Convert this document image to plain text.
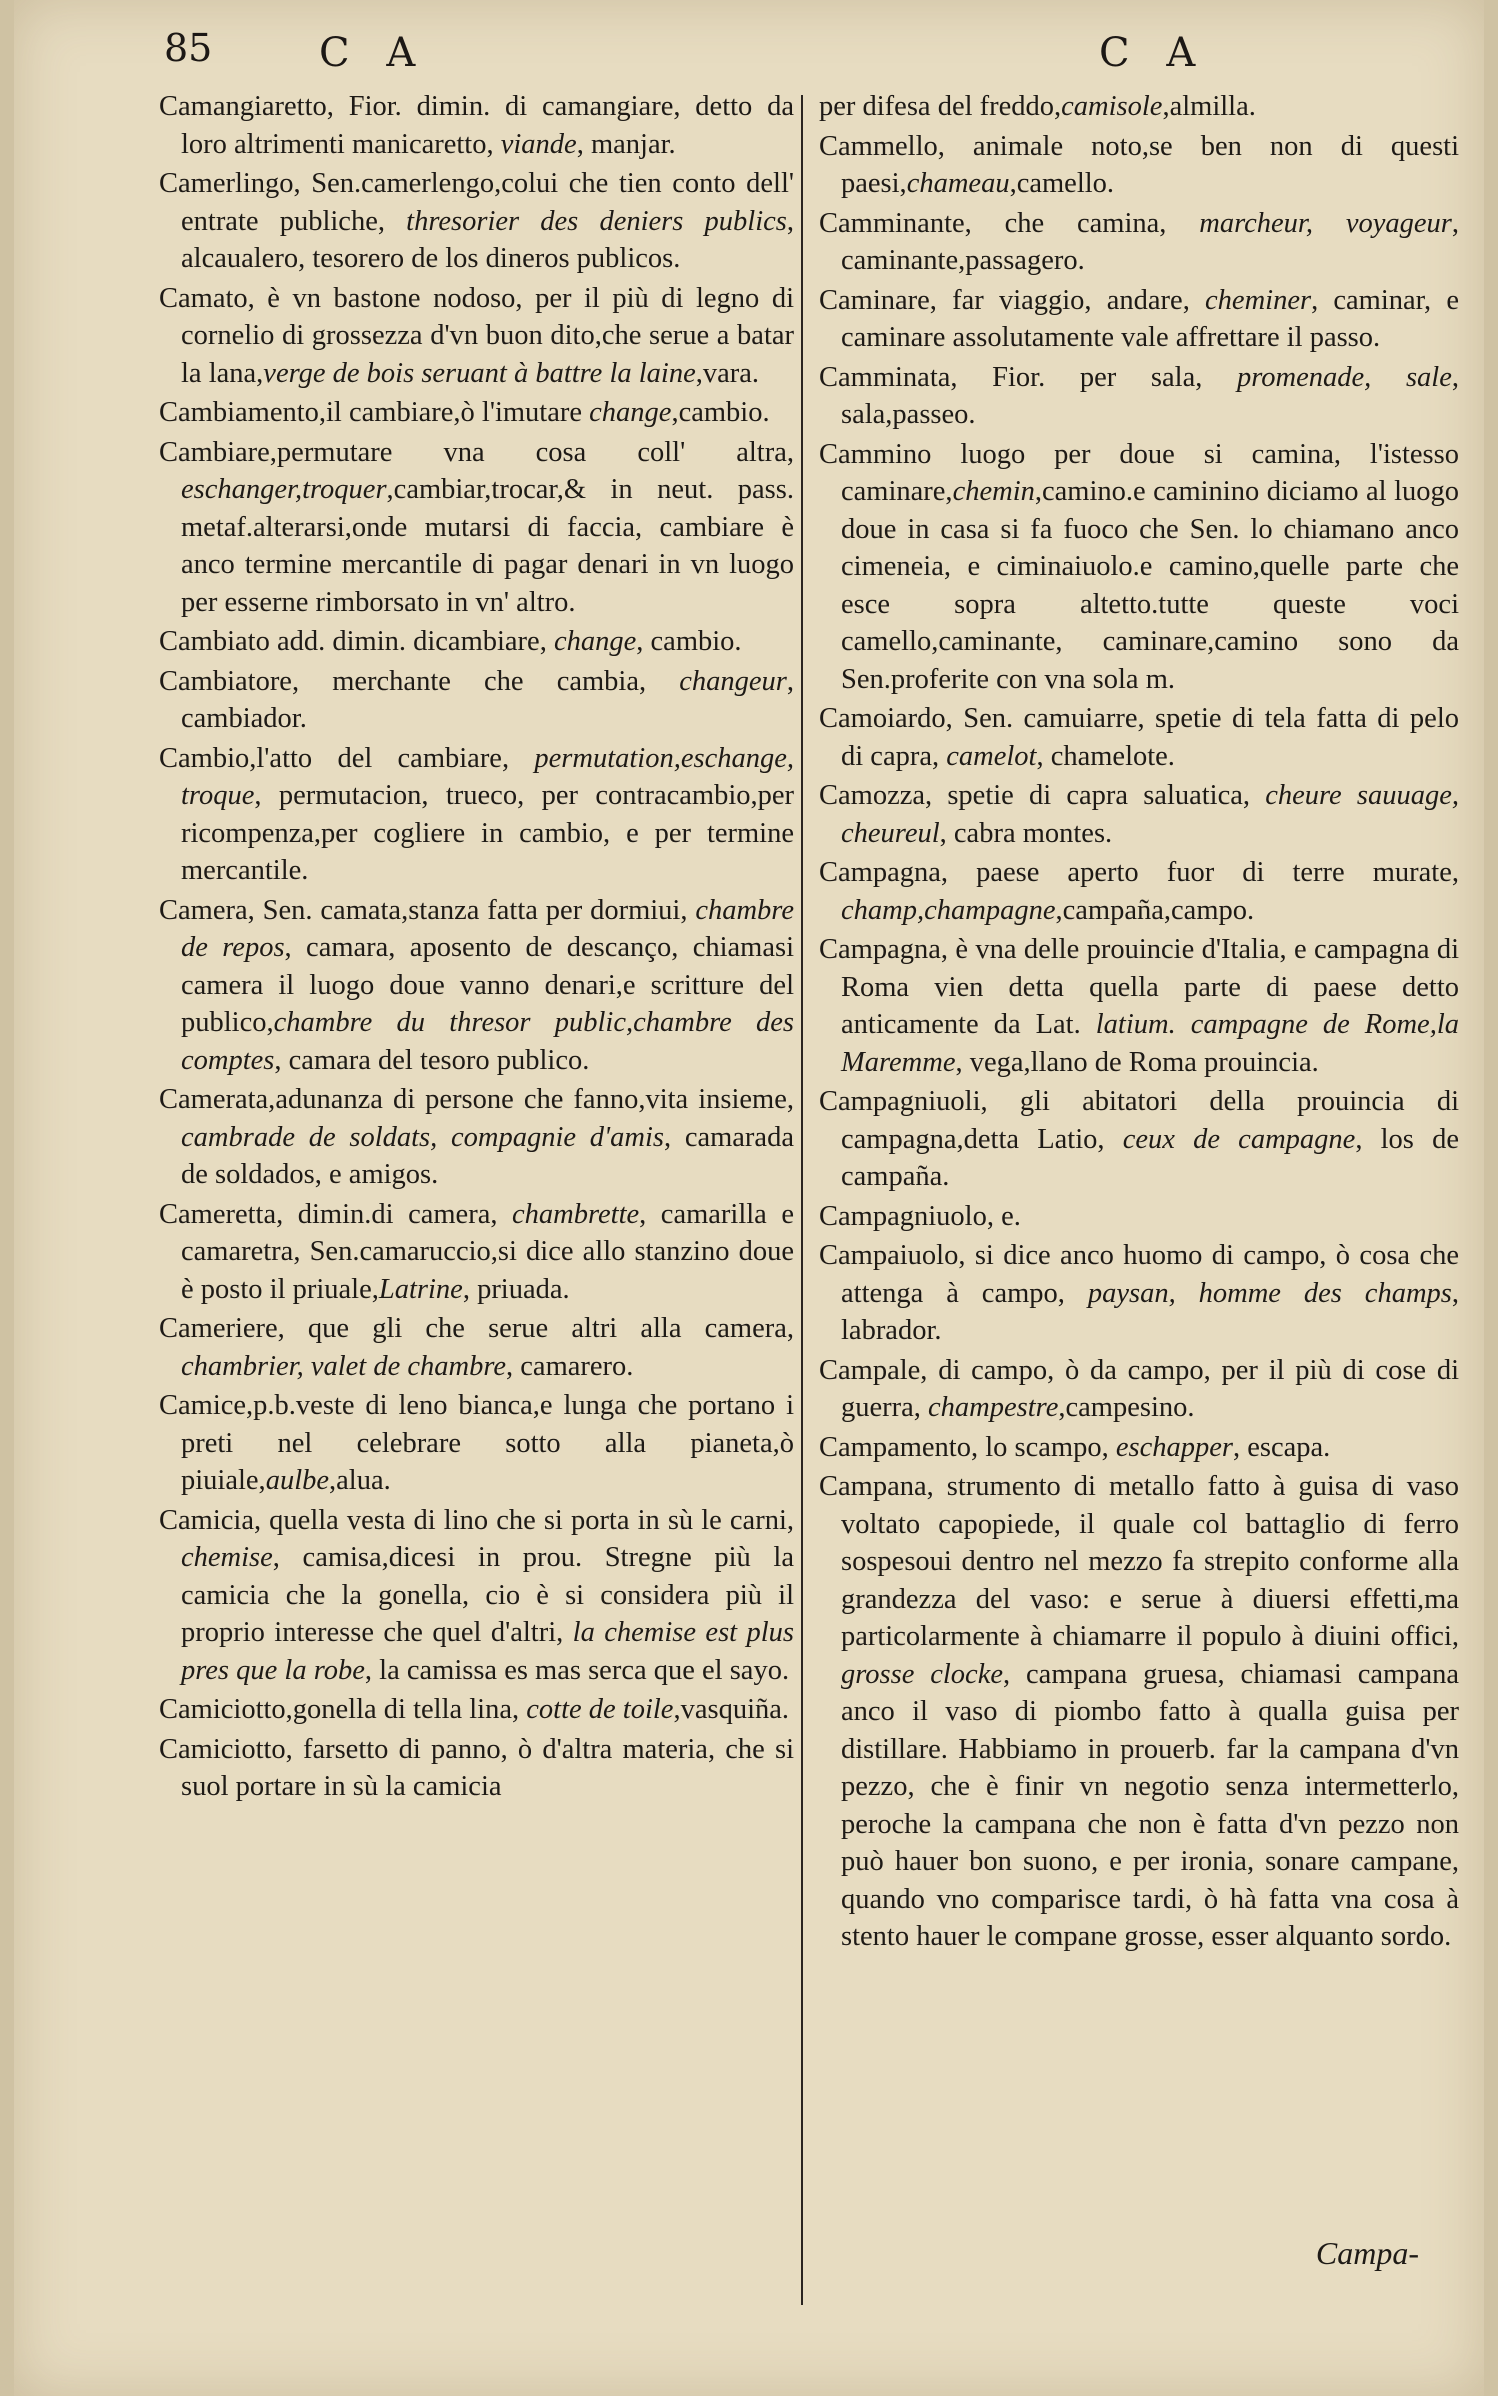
85	C A	C A
Camangiaretto, Fior. dimin. di camangiare, detto da loro altrimenti manicaretto, viande, manjar.
Camerlingo, Sen.camerlengo,colui che tien conto dell' entrate publiche, thresorier des deniers publics, alcaualero, tesorero de los dineros publicos.
Camato, è vn bastone nodoso, per il più di legno di cornelio di grossezza d'vn buon dito,che serue a batar la lana,verge de bois seruant à battre la laine,vara.
Cambiamento,il cambiare,ò l'imutare change,cambio.
Cambiare,permutare vna cosa coll' altra, eschanger,troquer,cambiar,trocar,& in neut. pass. metaf.alterarsi,onde mutarsi di faccia, cambiare è anco termine mercantile di pagar denari in vn luogo per esserne rimborsato in vn' altro.
Cambiato add. dimin. dicambiare, change, cambio.
Cambiatore, merchante che cambia, changeur, cambiador.
Cambio,l'atto del cambiare, permutation,eschange, troque, permutacion, trueco, per contracambio,per ricompenza,per cogliere in cambio, e per termine mercantile.
Camera, Sen. camata,stanza fatta per dormiui, chambre de repos, camara, aposento de descanço, chiamasi camera il luogo doue vanno denari,e scritture del publico,chambre du thresor public,chambre des comptes, camara del tesoro publico.
Camerata,adunanza di persone che fanno,vita insieme, cambrade de soldats, compagnie d'amis, camarada de soldados, e amigos.
Cameretta, dimin.di camera, chambrette, camarilla e camaretra, Sen.camaruccio,si dice allo stanzino doue è posto il priuale,Latrine, priuada.
Cameriere, que gli che serue altri alla camera, chambrier, valet de chambre, camarero.
Camice,p.b.veste di leno bianca,e lunga che portano i preti nel celebrare sotto alla pianeta,ò piuiale,aulbe,alua.
Camicia, quella vesta di lino che si porta in sù le carni, chemise, camisa,dicesi in prou. Stregne più la camicia che la gonella, cio è si considera più il proprio interesse che quel d'altri, la chemise est plus pres que la robe, la camissa es mas serca que el sayo.
Camiciotto,gonella di tella lina, cotte de toile,vasquiña.
Camiciotto, farsetto di panno, ò d'altra materia, che si suol portare in sù la camicia
per difesa del freddo,camisole,almilla.
Cammello, animale noto,se ben non di questi paesi,chameau,camello.
Camminante, che camina, marcheur, voyageur, caminante,passagero.
Caminare, far viaggio, andare, cheminer, caminar, e caminare assolutamente vale affrettare il passo.
Camminata, Fior. per sala, promenade, sale, sala,passeo.
Cammino luogo per doue si camina, l'istesso caminare,chemin,camino.e caminino diciamo al luogo doue in casa si fa fuoco che Sen. lo chiamano anco cimeneia, e ciminaiuolo.e camino,quelle parte che esce sopra altetto.tutte queste voci camello,caminante, caminare,camino sono da Sen.proferite con vna sola m.
Camoiardo, Sen. camuiarre, spetie di tela fatta di pelo di capra, camelot, chamelote.
Camozza, spetie di capra saluatica, cheure sauuage, cheureul, cabra montes.
Campagna, paese aperto fuor di terre murate, champ,champagne,campaña,campo.
Campagna, è vna delle prouincie d'Italia, e campagna di Roma vien detta quella parte di paese detto anticamente da Lat. latium. campagne de Rome,la Maremme, vega,llano de Roma prouincia.
Campagniuoli, gli abitatori della prouincia di campagna,detta Latio, ceux de campagne, los de campaña.
Campagniuolo, e.
Campaiuolo, si dice anco huomo di campo, ò cosa che attenga à campo, paysan, homme des champs, labrador.
Campale, di campo, ò da campo, per il più di cose di guerra, champestre,campesino.
Campamento, lo scampo, eschapper, escapa.
Campana, strumento di metallo fatto à guisa di vaso voltato capopiede, il quale col battaglio di ferro sospesoui dentro nel mezzo fa strepito conforme alla grandezza del vaso: e serue à diuersi effetti,ma particolarmente à chiamarre il populo à diuini offici, grosse clocke, campana gruesa, chiamasi campana anco il vaso di piombo fatto à qualla guisa per distillare. Habbiamo in prouerb. far la campana d'vn pezzo, che è finir vn negotio senza intermetterlo, peroche la campana che non è fatta d'vn pezzo non può hauer bon suono, e per ironia, sonare campane, quando vno comparisce tardi, ò hà fatta vna cosa à stento hauer le compane grosse, esser alquanto sordo.
Campa-
